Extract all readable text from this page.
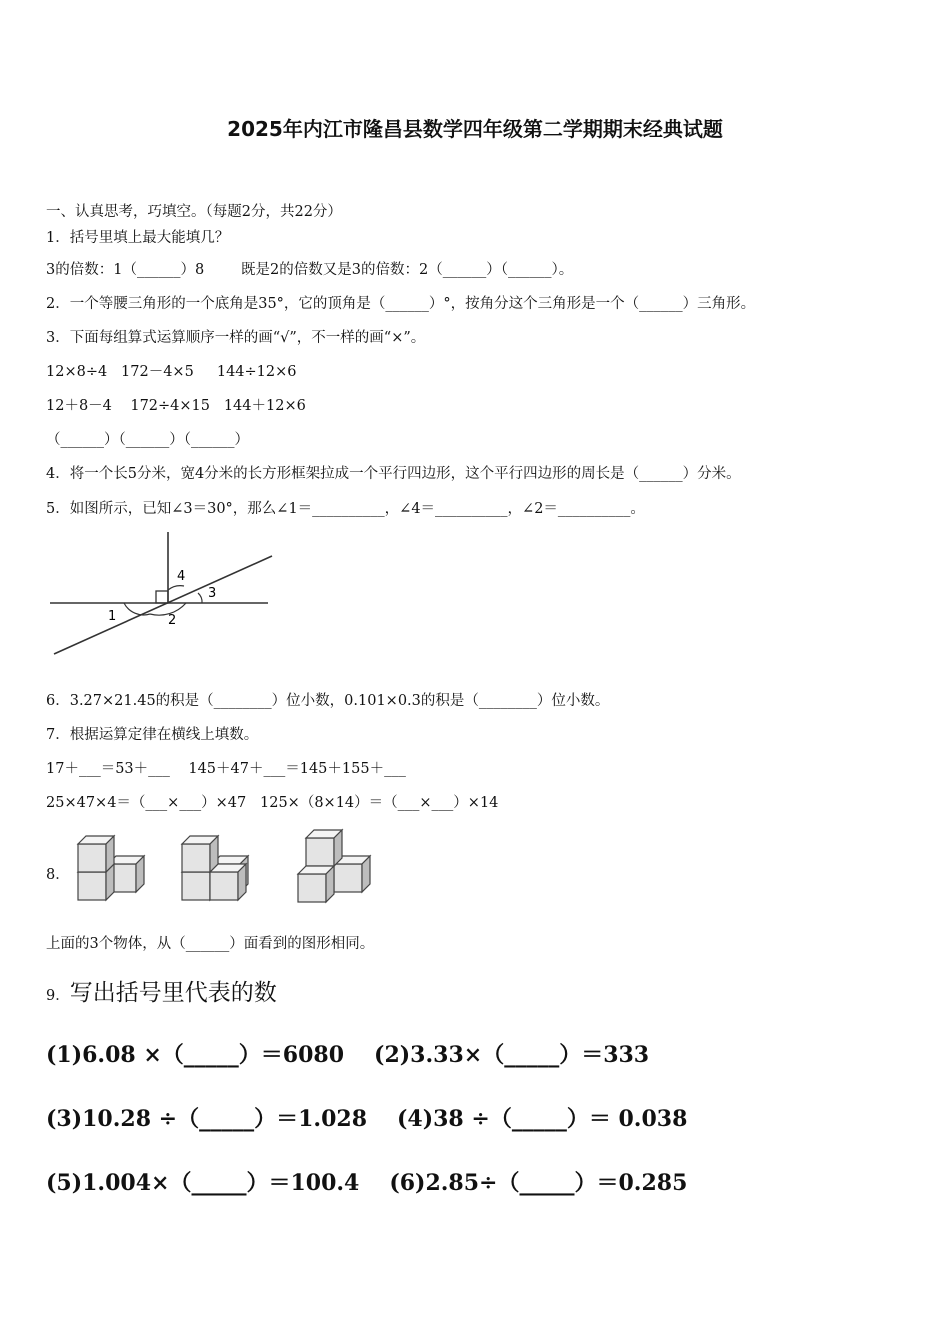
2025年内江市隆昌县数学四年级第二学期期末经典试题
一、认真思考，巧填空。（每题2分，共22分）
1．括号里填上最大能填几？
3的倍数：1（______）8        既是2的倍数又是3的倍数：2（______）（______）。
2．一个等腰三角形的一个底角是35°，它的顶角是（______）°，按角分这个三角形是一个（______）三角形。
3．下面每组算式运算顺序一样的画“√”，不一样的画“×”。
12×8÷4   172－4×5     144÷12×6
12＋8－4    172÷4×15   144＋12×6
（______）（______）（______）
4．将一个长5分米，宽4分米的长方形框架拉成一个平行四边形，这个平行四边形的周长是（______）分米。
5．如图所示，已知∠3＝30°，那么∠1＝__________，∠4＝__________，∠2＝__________。
1	2
3
4
6．3.27×21.45的积是（________）位小数，0.101×0.3的积是（________）位小数。
7．根据运算定律在横线上填数。
17＋___＝53＋___    145＋47＋___＝145＋155＋___
25×47×4＝（___×___）×47   125×（8×14）＝（___×___）×14
8．
上面的3个物体，从（______）面看到的图形相同。
9．写出括号里代表的数
(1)6.08 ×（_____）＝6080 (2)3.33×（_____）＝333
(3)10.28 ÷（_____）＝1.028 (4)38 ÷（_____）＝ 0.038
(5)1.004×（_____）＝100.4 (6)2.85÷（_____）＝0.285
